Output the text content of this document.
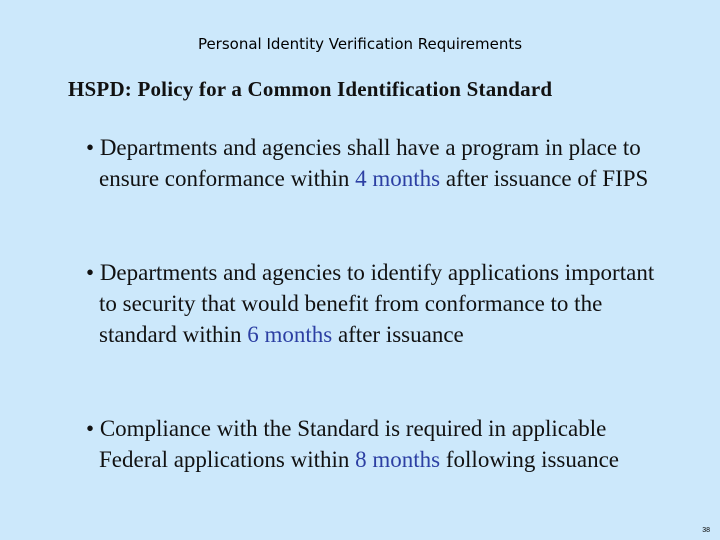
Personal Identity Verification Requirements
HSPD: Policy for a Common Identification Standard
• Departments and agencies shall have a program in place to ensure conformance within 4 months after issuance of FIPS
• Departments and agencies to identify applications important to security that would benefit from conformance to the standard within 6 months after issuance
• Compliance with the Standard is required in applicable Federal applications within 8 months following issuance
38
